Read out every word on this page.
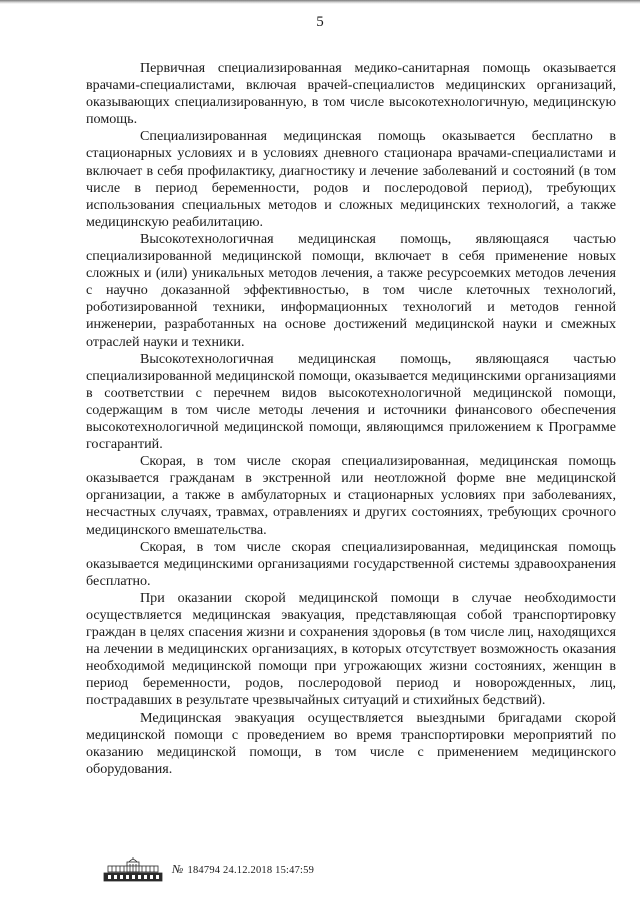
5

Первичная специализированная медико-санитарная помощь оказывается врачами-специалистами, включая врачей-специалистов медицинских организаций, оказывающих специализированную, в том числе высокотехнологичную, медицинскую помощь.

Специализированная медицинская помощь оказывается бесплатно в стационарных условиях и в условиях дневного стационара врачами-специалистами и включает в себя профилактику, диагностику и лечение заболеваний и состояний (в том числе в период беременности, родов и послеродовой период), требующих использования специальных методов и сложных медицинских технологий, а также медицинскую реабилитацию.

Высокотехнологичная медицинская помощь, являющаяся частью специализированной медицинской помощи, включает в себя применение новых сложных и (или) уникальных методов лечения, а также ресурсоемких методов лечения с научно доказанной эффективностью, в том числе клеточных технологий, роботизированной техники, информационных технологий и методов генной инженерии, разработанных на основе достижений медицинской науки и смежных отраслей науки и техники.

Высокотехнологичная медицинская помощь, являющаяся частью специализированной медицинской помощи, оказывается медицинскими организациями в соответствии с перечнем видов высокотехнологичной медицинской помощи, содержащим в том числе методы лечения и источники финансового обеспечения высокотехнологичной медицинской помощи, являющимся приложением к Программе госгарантий.

Скорая, в том числе скорая специализированная, медицинская помощь оказывается гражданам в экстренной или неотложной форме вне медицинской организации, а также в амбулаторных и стационарных условиях при заболеваниях, несчастных случаях, травмах, отравлениях и других состояниях, требующих срочного медицинского вмешательства.

Скорая, в том числе скорая специализированная, медицинская помощь оказывается медицинскими организациями государственной системы здравоохранения бесплатно.

При оказании скорой медицинской помощи в случае необходимости осуществляется медицинская эвакуация, представляющая собой транспортировку граждан в целях спасения жизни и сохранения здоровья (в том числе лиц, находящихся на лечении в медицинских организациях, в которых отсутствует возможность оказания необходимой медицинской помощи при угрожающих жизни состояниях, женщин в период беременности, родов, послеродовой период и новорожденных, лиц, пострадавших в результате чрезвычайных ситуаций и стихийных бедствий).

Медицинская эвакуация осуществляется выездными бригадами скорой медицинской помощи с проведением во время транспортировки мероприятий по оказанию медицинской помощи, в том числе с применением медицинского оборудования.

№ 184794 24.12.2018 15:47:59
